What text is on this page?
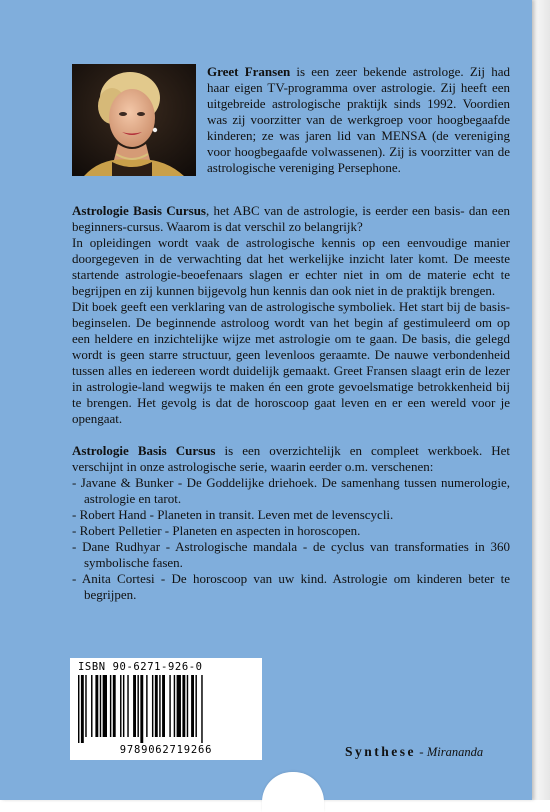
Greet Fransen is een zeer bekende astrologe. Zij had haar eigen TV-programma over astrologie. Zij heeft een uitgebreide astrologische praktijk sinds 1992. Voordien was zij voorzitter van de werkgroep voor hoogbegaafde kinderen; ze was jaren lid van MENSA (de vereniging voor hoogbegaafde volwassenen). Zij is voorzitter van de astrologische vereniging Persephone.

Astrologie Basis Cursus, het ABC van de astrologie, is eerder een basis- dan een beginners-cursus. Waarom is dat verschil zo belangrijk?

In opleidingen wordt vaak de astrologische kennis op een eenvoudige manier doorgegeven in de verwachting dat het werkelijke inzicht later komt. De meeste startende astrologie-beoefenaars slagen er echter niet in om de materie echt te begrijpen en zij kunnen bijgevolg hun kennis dan ook niet in de praktijk brengen.

Dit boek geeft een verklaring van de astrologische symboliek. Het start bij de basis-beginselen. De beginnende astroloog wordt van het begin af gestimuleerd om op een heldere en inzichtelijke wijze met astrologie om te gaan. De basis, die gelegd wordt is geen starre structuur, geen levenloos geraamte. De nauwe verbondenheid tussen alles en iedereen wordt duidelijk gemaakt. Greet Fransen slaagt erin de lezer in astrologie-land wegwijs te maken én een grote gevoelsmatige betrokkenheid bij te brengen. Het gevolg is dat de horoscoop gaat leven en er een wereld voor je opengaat.

Astrologie Basis Cursus is een overzichtelijk en compleet werkboek. Het verschijnt in onze astrologische serie, waarin eerder o.m. verschenen:

- Javane & Bunker - De Goddelijke driehoek. De samenhang tussen numerologie, astrologie en tarot.
- Robert Hand - Planeten in transit. Leven met de levenscycli.
- Robert Pelletier - Planeten en aspecten in horoscopen.
- Dane Rudhyar - Astrologische mandala - de cyclus van transformaties in 360 symbolische fasen.
- Anita Cortesi - De horoscoop van uw kind. Astrologie om kinderen beter te begrijpen.
ISBN 90-6271-926-0
9789062719266	Synthese - Mirananda
